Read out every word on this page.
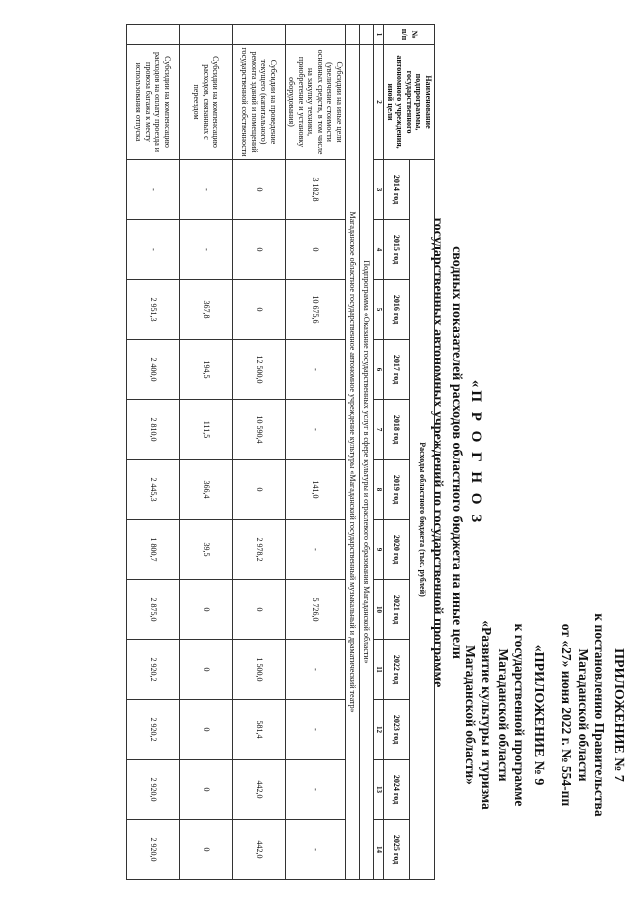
ПРИЛОЖЕНИЕ № 7
к постановлению Правительства
Магаданской области
от «27» июня 2022 г. № 554-пп
«ПРИЛОЖЕНИЕ № 9
к государственной программе
Магаданской области
«Развитие культуры и туризма
Магаданской области»
«П Р О Г Н О З
сводных показателей расходов областного бюджета на иные цели
государственных автономных учреждений по государственной программе
№ п/п	Наименование подпрограммы, государственного автономного учреждения, иной цели	Расходы областного бюджета (тыс. рублей)											
		2014 год	2015 год	2016 год	2017 год	2018 год	2019 год	2020 год	2021 год	2022 год	2023 год	2024 год	2025 год
1	2	3	4	5	6	7	8	9	10	11	12	13	14
	Подпрограмма «Оказание государственных услуг в сфере культуры и отраслевого образования Магаданской области»												
	Магаданское областное государственное автономное учреждение культуры «Магаданский государственный музыкальный и драматический театр»												
	Субсидии на иные цели (увеличение стоимости основных средств, в том числе на закупку техники, приобретение и установку оборудования)	3 182,8	0	10 675,6	-	-	141,0	-	5 726,0	-	-	-	-
	Субсидии на проведение текущего (капитального) ремонта зданий и помещений государственной собственности	0	0	0	12 500,0	10 590,4	0	2 978,2	0	1 500,0	581,4	442,0	442,0
	Субсидии на компенсацию расходов, связанных с переездом	-	-	367,8	194,5	111,5	366,4	39,5	0	0	0	0	0
	Субсидии на компенсацию расходов на оплату проезда и провоза багажа к месту использования отпуска	-	-	2 951,3	2 400,0	2 810,0	2 445,3	1 800,7	2 875,0	2 920,2	2 920,2	2 920,0	2 920,0
